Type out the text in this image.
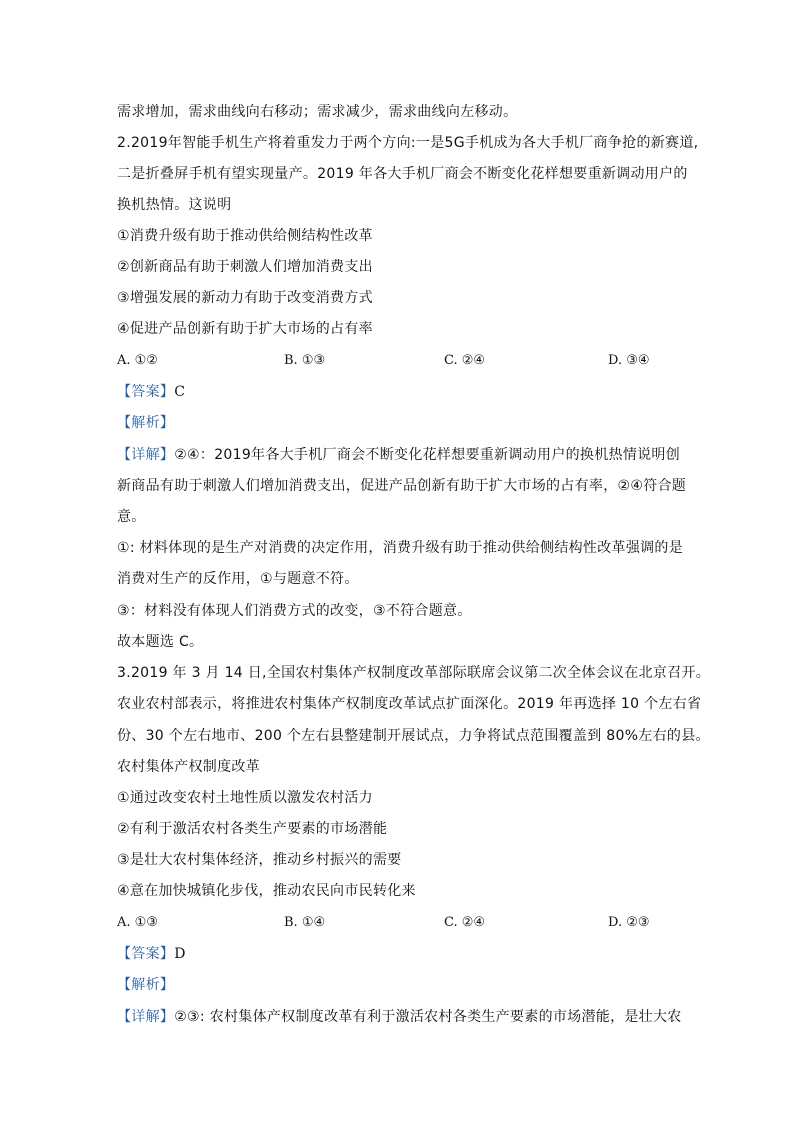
需求增加，需求曲线向右移动；需求减少，需求曲线向左移动。
2.2019年智能手机生产将着重发力于两个方向:一是5G手机成为各大手机厂商争抢的新赛道,
二是折叠屏手机有望实现量产。2019 年各大手机厂商会不断变化花样想要重新调动用户的
换机热情。这说明
①消费升级有助于推动供给侧结构性改革
②创新商品有助于刺激人们增加消费支出
③增强发展的新动力有助于改变消费方式
④促进产品创新有助于扩大市场的占有率
A. ①②	B. ①③	C. ②④	D. ③④
【答案】C
【解析】
【详解】②④：2019年各大手机厂商会不断变化花样想要重新调动用户的换机热情说明创
新商品有助于刺激人们增加消费支出，促进产品创新有助于扩大市场的占有率，②④符合题
意。
①: 材料体现的是生产对消费的决定作用，消费升级有助于推动供给侧结构性改革强调的是
消费对生产的反作用，①与题意不符。
③：材料没有体现人们消费方式的改变，③不符合题意。
故本题选 C。
3.2019 年 3 月 14 日,全国农村集体产权制度改革部际联席会议第二次全体会议在北京召开。
农业农村部表示，将推进农村集体产权制度改革试点扩面深化。2019 年再选择 10 个左右省
份、30 个左右地市、200 个左右县整建制开展试点，力争将试点范围覆盖到 80%左右的县。
农村集体产权制度改革
①通过改变农村土地性质以激发农村活力
②有利于激活农村各类生产要素的市场潜能
③是壮大农村集体经济，推动乡村振兴的需要
④意在加快城镇化步伐，推动农民向市民转化来
A. ①③	B. ①④	C. ②④	D. ②③
【答案】D
【解析】
【详解】②③: 农村集体产权制度改革有利于激活农村各类生产要素的市场潜能，是壮大农
